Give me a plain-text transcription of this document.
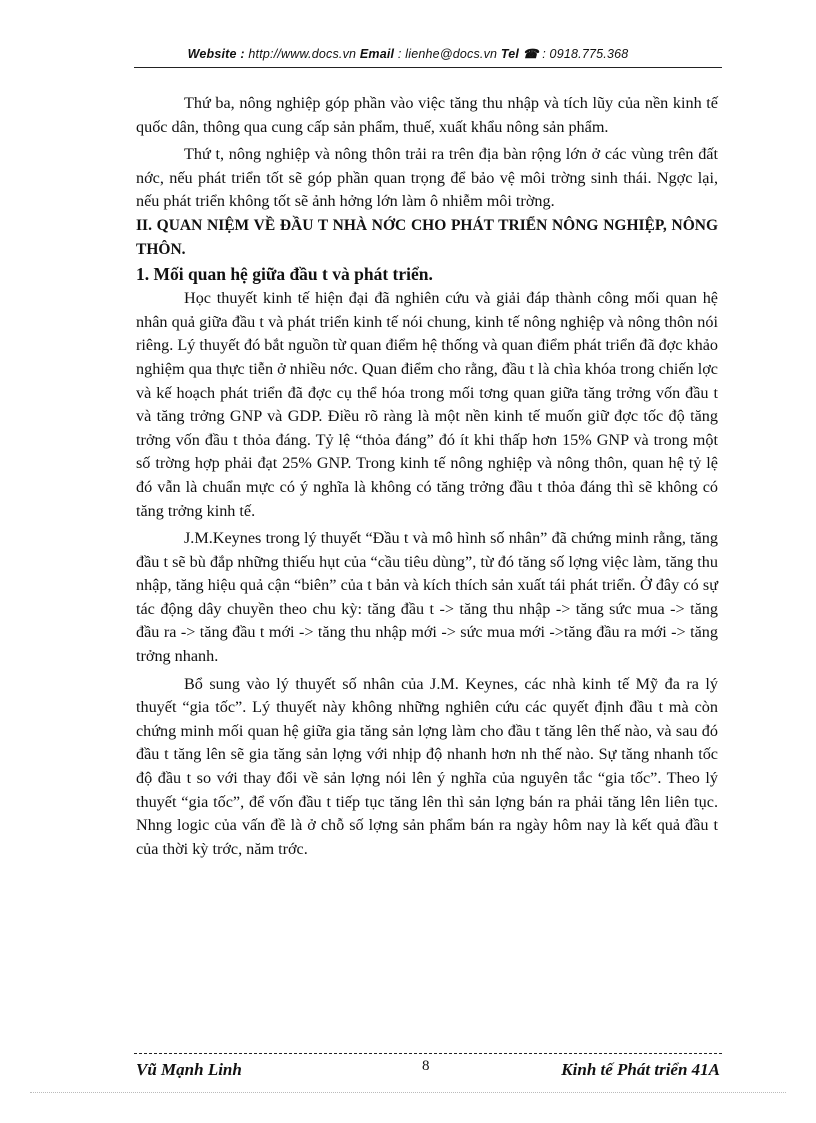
Website : http://www.docs.vn Email : lienhe@docs.vn Tel ☎ : 0918.775.368

Thứ ba, nông nghiệp góp phần vào việc tăng thu nhập và tích lũy của nền kinh tế quốc dân, thông qua cung cấp sản phẩm, thuế, xuất khẩu nông sản phẩm.

Thứ t, nông nghiệp và nông thôn trải ra trên địa bàn rộng lớn ở các vùng trên đất nớc, nếu phát triển tốt sẽ góp phần quan trọng để bảo vệ môi trờng sinh thái. Ngợc lại, nếu phát triển không tốt sẽ ảnh hởng lớn làm ô nhiễm môi trờng.

II. QUAN NIỆM VỀ ĐẦU T NHÀ NỚC CHO PHÁT TRIỂN NÔNG NGHIỆP, NÔNG THÔN.

1. Mối quan hệ giữa đầu t và phát triển.

Học thuyết kinh tế hiện đại đã nghiên cứu và giải đáp thành công mối quan hệ nhân quả giữa đầu t và phát triển kinh tế nói chung, kinh tế nông nghiệp và nông thôn nói riêng. Lý thuyết đó bắt nguồn từ quan điểm hệ thống và quan điểm phát triển đã đợc khảo nghiệm qua thực tiễn ở nhiều nớc. Quan điểm cho rằng, đầu t là chìa khóa trong chiến lợc và kế hoạch phát triển đã đợc cụ thể hóa trong mối tơng quan giữa tăng trởng vốn đầu t và tăng trởng GNP và GDP. Điều rõ ràng là một nền kinh tế muốn giữ đợc tốc độ tăng trởng vốn đầu t thỏa đáng. Tỷ lệ “thỏa đáng” đó ít khi thấp hơn 15% GNP và trong một số trờng hợp phải đạt 25% GNP. Trong kinh tế nông nghiệp và nông thôn, quan hệ tỷ lệ đó vẫn là chuẩn mực có ý nghĩa là không có tăng trởng đầu t thỏa đáng thì sẽ không có tăng trởng kinh tế.

J.M.Keynes trong lý thuyết “Đầu t và mô hình số nhân” đã chứng minh rằng, tăng đầu t sẽ bù đắp những thiếu hụt của “cầu tiêu dùng”, từ đó tăng số lợng việc làm, tăng thu nhập, tăng hiệu quả cận “biên” của t bản và kích thích sản xuất tái phát triển. Ở đây có sự tác động dây chuyền theo chu kỳ: tăng đầu t -> tăng thu nhập -> tăng sức mua -> tăng đầu ra -> tăng đầu t mới -> tăng thu nhập mới -> sức mua mới ->tăng đầu ra mới -> tăng trởng nhanh.

Bổ sung vào lý thuyết số nhân của J.M. Keynes, các nhà kinh tế Mỹ đa ra lý thuyết “gia tốc”. Lý thuyết này không những nghiên cứu các quyết định đầu t mà còn chứng minh mối quan hệ giữa gia tăng sản lợng làm cho đầu t tăng lên thế nào, và sau đó đầu t tăng lên sẽ gia tăng sản lợng với nhịp độ nhanh hơn nh thế nào. Sự tăng nhanh tốc độ đầu t so với thay đổi về sản lợng nói lên ý nghĩa của nguyên tắc “gia tốc”. Theo lý thuyết “gia tốc”, để vốn đầu t tiếp tục tăng lên thì sản lợng bán ra phải tăng lên liên tục. Nhng logic của vấn đề là ở chỗ số lợng sản phẩm bán ra ngày hôm nay là kết quả đầu t của thời kỳ trớc, năm trớc.

Vũ Mạnh Linh	8	Kinh tế Phát triển 41A
